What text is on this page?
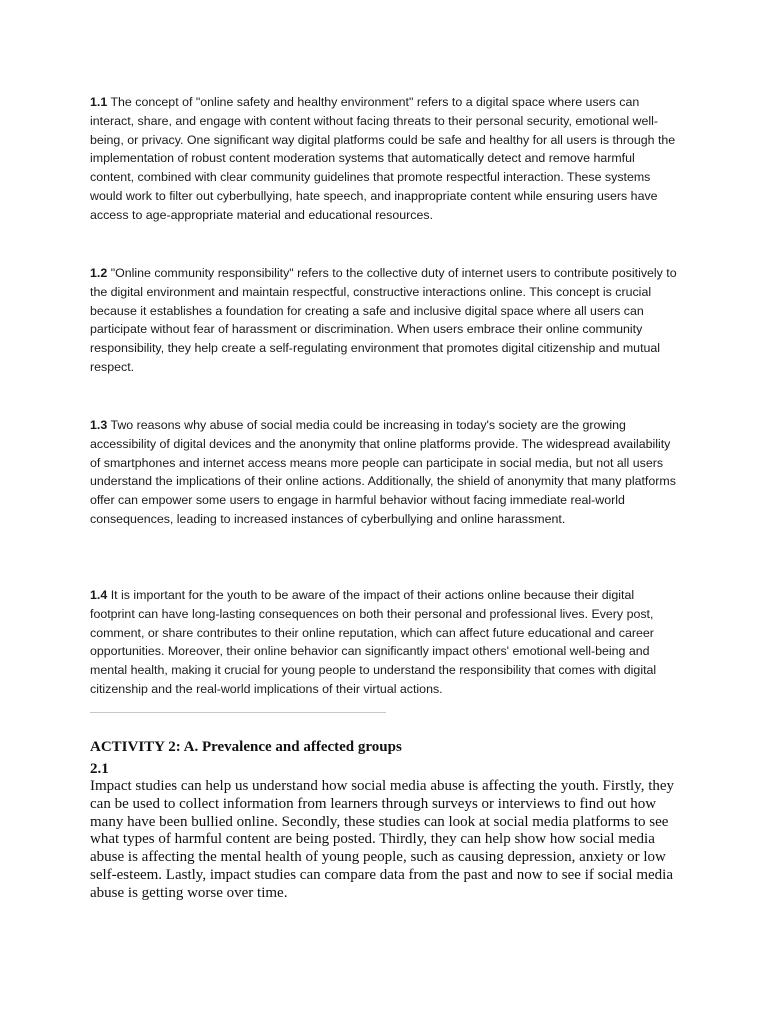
1.1 The concept of "online safety and healthy environment" refers to a digital space where users can interact, share, and engage with content without facing threats to their personal security, emotional well-being, or privacy. One significant way digital platforms could be safe and healthy for all users is through the implementation of robust content moderation systems that automatically detect and remove harmful content, combined with clear community guidelines that promote respectful interaction. These systems would work to filter out cyberbullying, hate speech, and inappropriate content while ensuring users have access to age-appropriate material and educational resources.

1.2 "Online community responsibility" refers to the collective duty of internet users to contribute positively to the digital environment and maintain respectful, constructive interactions online. This concept is crucial because it establishes a foundation for creating a safe and inclusive digital space where all users can participate without fear of harassment or discrimination. When users embrace their online community responsibility, they help create a self-regulating environment that promotes digital citizenship and mutual respect.

1.3 Two reasons why abuse of social media could be increasing in today's society are the growing accessibility of digital devices and the anonymity that online platforms provide. The widespread availability of smartphones and internet access means more people can participate in social media, but not all users understand the implications of their online actions. Additionally, the shield of anonymity that many platforms offer can empower some users to engage in harmful behavior without facing immediate real-world consequences, leading to increased instances of cyberbullying and online harassment.

1.4 It is important for the youth to be aware of the impact of their actions online because their digital footprint can have long-lasting consequences on both their personal and professional lives. Every post, comment, or share contributes to their online reputation, which can affect future educational and career opportunities. Moreover, their online behavior can significantly impact others' emotional well-being and mental health, making it crucial for young people to understand the responsibility that comes with digital citizenship and the real-world implications of their virtual actions.

ACTIVITY 2: A. Prevalence and affected groups
2.1

Impact studies can help us understand how social media abuse is affecting the youth. Firstly, they can be used to collect information from learners through surveys or interviews to find out how many have been bullied online. Secondly, these studies can look at social media platforms to see what types of harmful content are being posted. Thirdly, they can help show how social media abuse is affecting the mental health of young people, such as causing depression, anxiety or low self-esteem. Lastly, impact studies can compare data from the past and now to see if social media abuse is getting worse over time.
